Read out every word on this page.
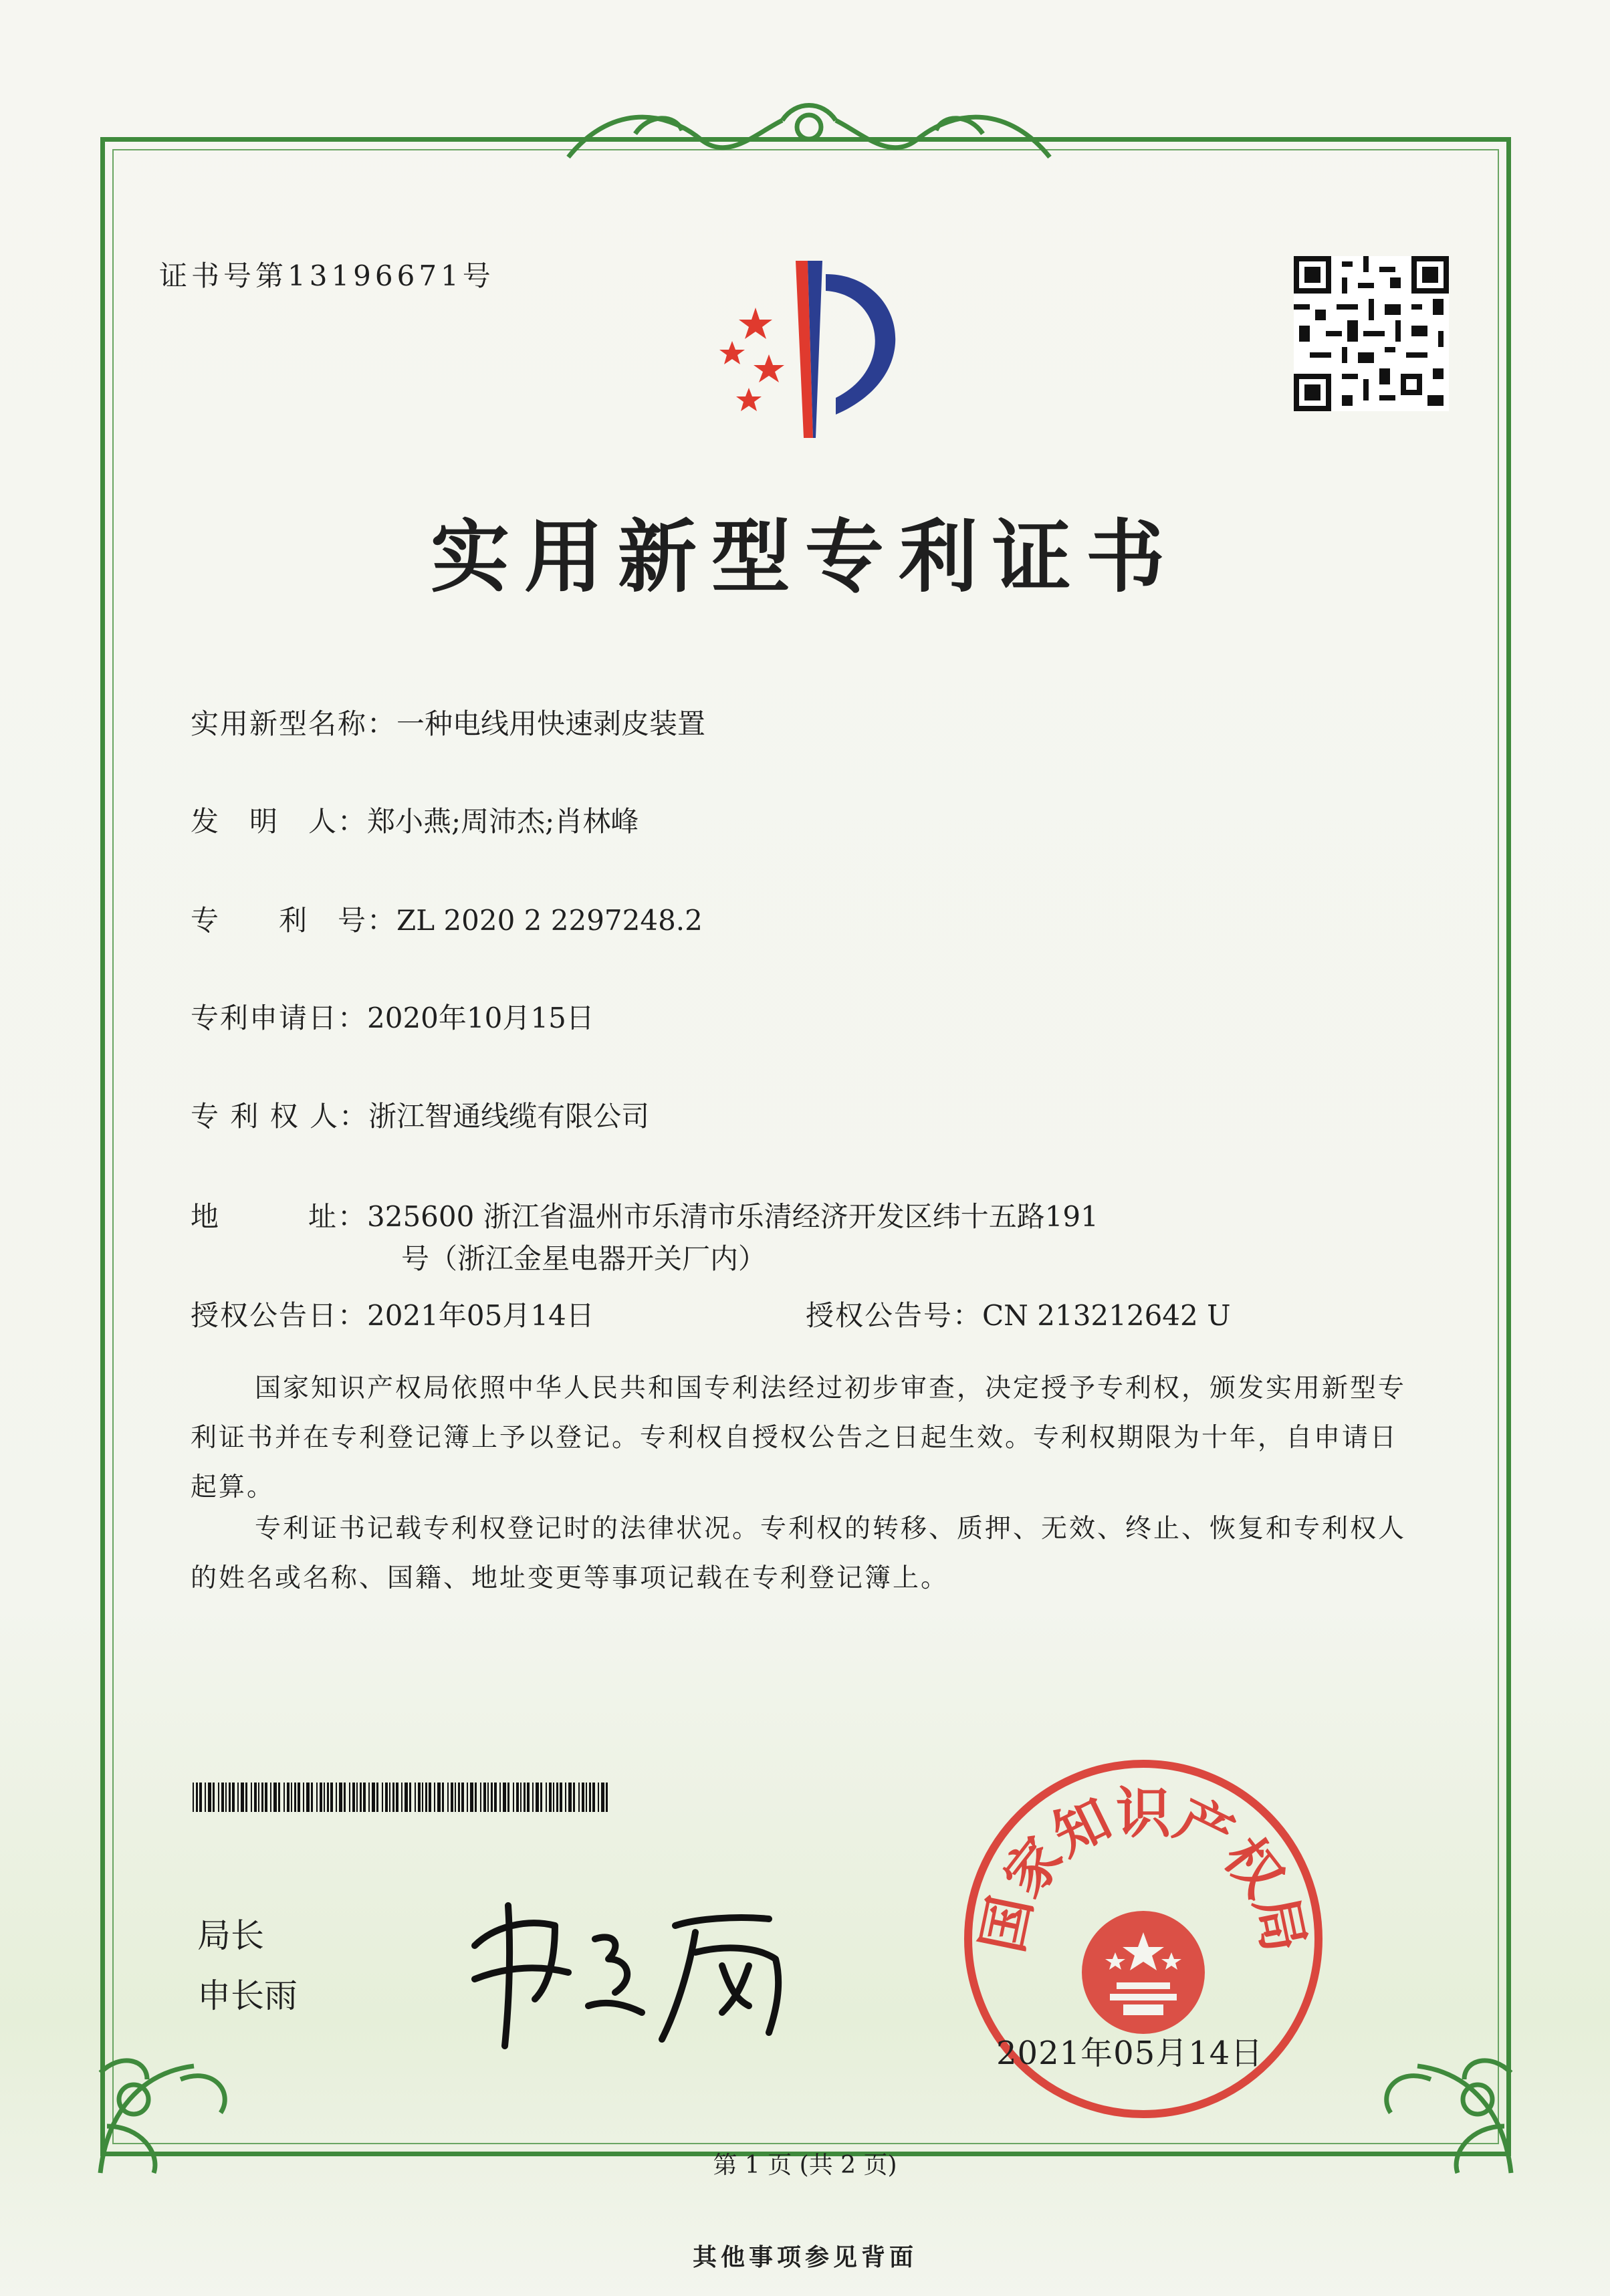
证书号第13196671号
实用新型专利证书
实用新型名称：一种电线用快速剥皮装置
发　明　人：郑小燕;周沛杰;肖林峰
专　　利　号：ZL 2020 2 2297248.2
专利申请日：2020年10月15日
专 利 权 人：浙江智通线缆有限公司
地　　　址：325600 浙江省温州市乐清市乐清经济开发区纬十五路191
号（浙江金星电器开关厂内）
授权公告日：2021年05月14日	授权公告号：CN 213212642 U

国家知识产权局依照中华人民共和国专利法经过初步审查，决定授予专利权，颁发实用新型专利证书并在专利登记簿上予以登记。专利权自授权公告之日起生效。专利权期限为十年，自申请日起算。

专利证书记载专利权登记时的法律状况。专利权的转移、质押、无效、终止、恢复和专利权人的姓名或名称、国籍、地址变更等事项记载在专利登记簿上。

局长
申长雨
国家知识产权局
2021年05月14日
第 1 页 (共 2 页)
其他事项参见背面
